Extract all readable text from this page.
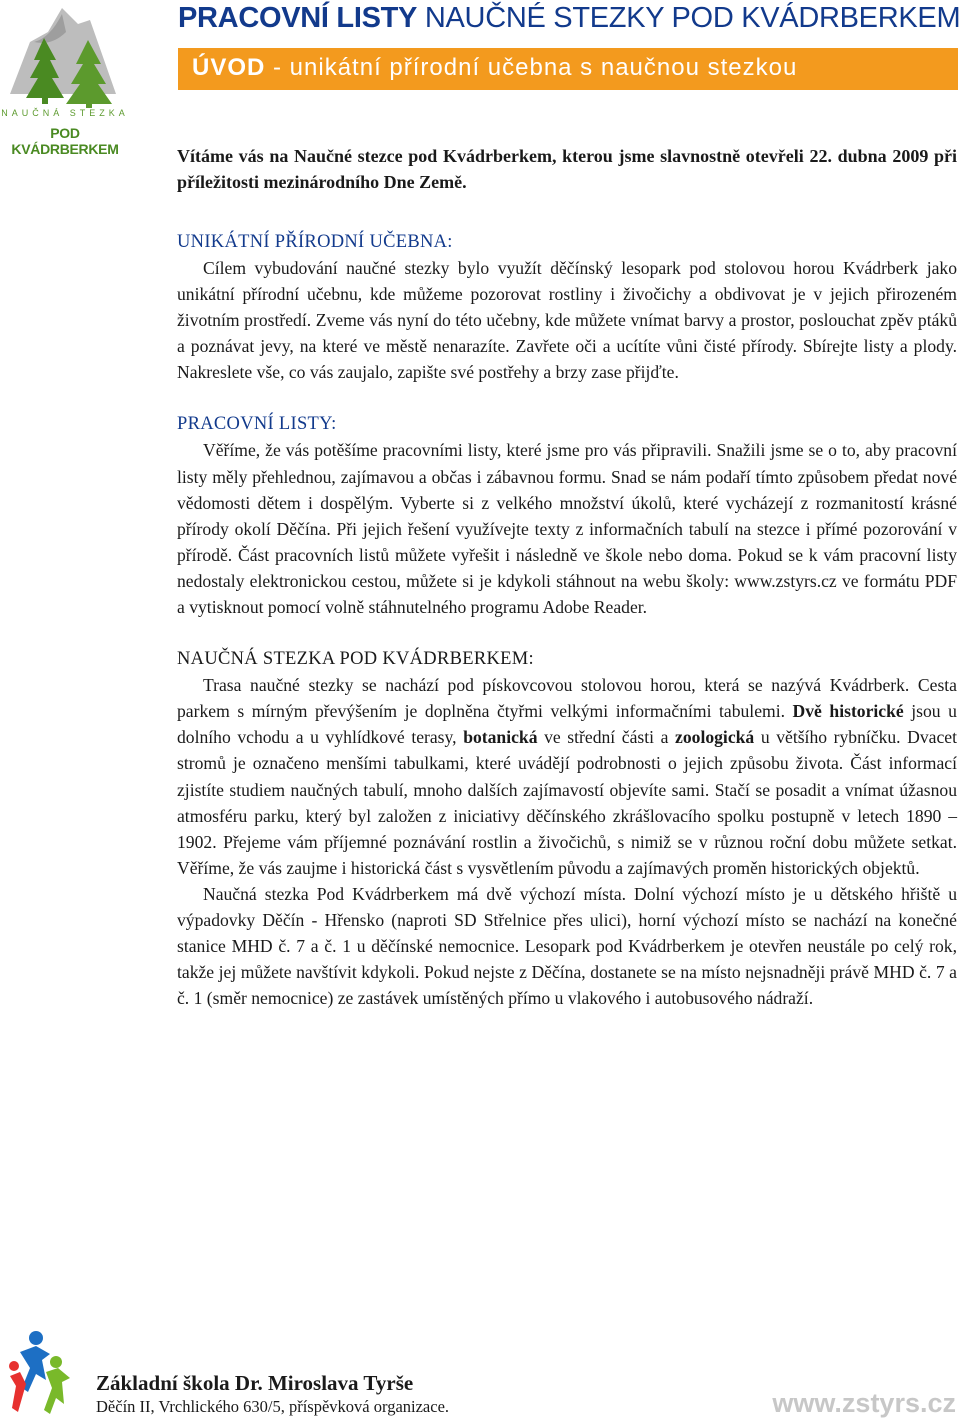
NAUČNÁ STEZKA
POD KVÁDRBERKEM
PRACOVNÍ LISTY NAUČNÉ STEZKY POD KVÁDRBERKEM
ÚVOD - unikátní přírodní učebna s naučnou stezkou

Vítáme vás na Naučné stezce pod Kvádrberkem, kterou jsme slavnostně otevřeli 22. dubna 2009 při příležitosti mezinárodního Dne Země.

UNIKÁTNÍ PŘÍRODNÍ UČEBNA:

Cílem vybudování naučné stezky bylo využít děčínský lesopark pod stolovou horou Kvádrberk jako unikátní přírodní učebnu, kde můžeme pozorovat rostliny i živočichy a obdivovat je v jejich přirozeném životním prostředí. Zveme vás nyní do této učebny, kde můžete vnímat barvy a prostor, poslouchat zpěv ptáků a poznávat jevy, na které ve městě nenarazíte. Zavřete oči a ucítíte vůni čisté přírody. Sbírejte listy a plody. Nakreslete vše, co vás zaujalo, zapište své postřehy a brzy zase přijďte.

PRACOVNÍ LISTY:

Věříme, že vás potěšíme pracovními listy, které jsme pro vás připravili. Snažili jsme se o to, aby pracovní listy měly přehlednou, zajímavou a občas i zábavnou formu. Snad se nám podaří tímto způsobem předat nové vědomosti dětem i dospělým. Vyberte si z velkého množství úkolů, které vycházejí z rozmanitostí krásné přírody okolí Děčína. Při jejich řešení využívejte texty z informačních tabulí na stezce i přímé pozorování v přírodě. Část pracovních listů můžete vyřešit i následně ve škole nebo doma. Pokud se k vám pracovní listy nedostaly elektronickou cestou, můžete si je kdykoli stáhnout na webu školy: www.zstyrs.cz ve formátu PDF a vytisknout pomocí volně stáhnutelného programu Adobe Reader.

NAUČNÁ STEZKA POD KVÁDRBERKEM:

Trasa naučné stezky se nachází pod pískovcovou stolovou horou, která se nazývá Kvádrberk. Cesta parkem s mírným převýšením je doplněna čtyřmi velkými informačními tabulemi. Dvě historické jsou u dolního vchodu a u vyhlídkové terasy, botanická ve střední části a zoologická u většího rybníčku. Dvacet stromů je označeno menšími tabulkami, které uvádějí podrobnosti o jejich způsobu života. Část informací zjistíte studiem naučných tabulí, mnoho dalších zajímavostí objevíte sami. Stačí se posadit a vnímat úžasnou atmosféru parku, který byl založen z iniciativy děčínského zkrášlovacího spolku postupně v letech 1890 – 1902. Přejeme vám příjemné poznávání rostlin a živočichů, s nimiž se v různou roční dobu můžete setkat. Věříme, že vás zaujme i historická část s vysvětlením původu a zajímavých proměn historických objektů.

Naučná stezka Pod Kvádrberkem má dvě výchozí místa. Dolní výchozí místo je u dětského hřiště u výpadovky Děčín - Hřensko (naproti SD Střelnice přes ulici), horní výchozí místo se nachází na konečné stanice MHD č. 7 a č. 1 u děčínské nemocnice. Lesopark pod Kvádrberkem je otevřen neustále po celý rok, takže jej můžete navštívit kdykoli. Pokud nejste z Děčína, dostanete se na místo nejsnadněji právě MHD č. 7 a č. 1 (směr nemocnice) ze zastávek umístěných přímo u vlakového i autobusového nádraží.

Základní škola Dr. Miroslava Tyrše
Děčín II, Vrchlického 630/5, příspěvková organizace.	www.zstyrs.cz
